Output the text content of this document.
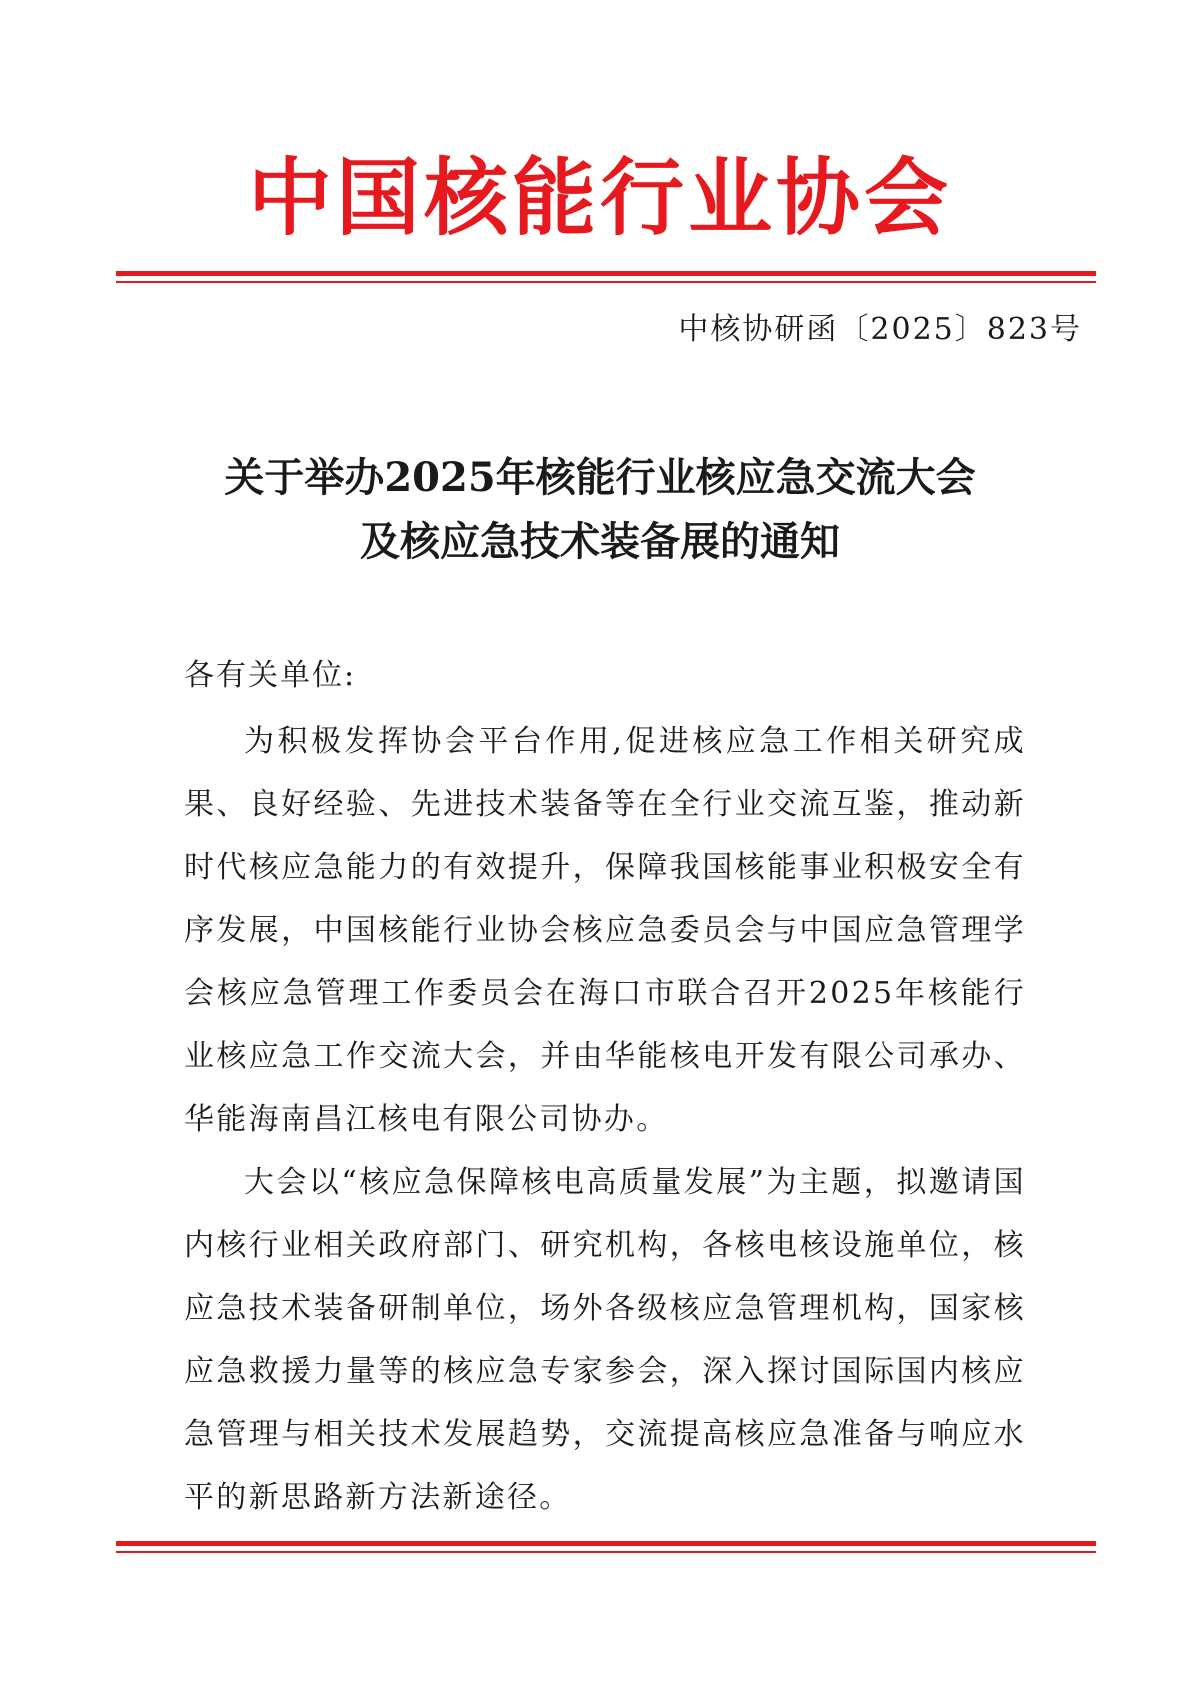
中国核能行业协会
中核协研函〔2025〕823号
关于举办2025年核能行业核应急交流大会
及核应急技术装备展的通知
各有关单位:

为积极发挥协会平台作用,促进核应急工作相关研究成果、良好经验、先进技术装备等在全行业交流互鉴，推动新时代核应急能力的有效提升，保障我国核能事业积极安全有序发展，中国核能行业协会核应急委员会与中国应急管理学会核应急管理工作委员会在海口市联合召开2025年核能行业核应急工作交流大会，并由华能核电开发有限公司承办、华能海南昌江核电有限公司协办。

大会以“核应急保障核电高质量发展”为主题，拟邀请国内核行业相关政府部门、研究机构，各核电核设施单位，核应急技术装备研制单位，场外各级核应急管理机构，国家核应急救援力量等的核应急专家参会，深入探讨国际国内核应急管理与相关技术发展趋势，交流提高核应急准备与响应水平的新思路新方法新途径。
